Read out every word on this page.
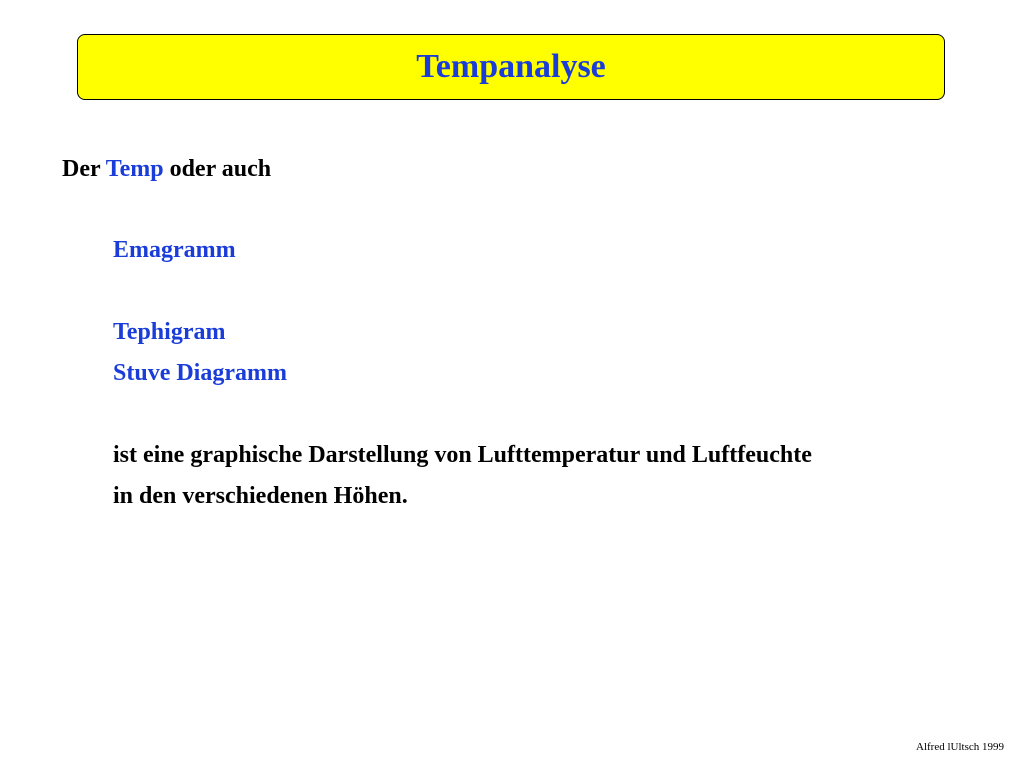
Tempanalyse
Der Temp oder auch
Emagramm
Tephigram
Stuve Diagramm
ist eine graphische Darstellung von Lufttemperatur und Luftfeuchte
in den verschiedenen Höhen.
Alfred lUltsch 1999
